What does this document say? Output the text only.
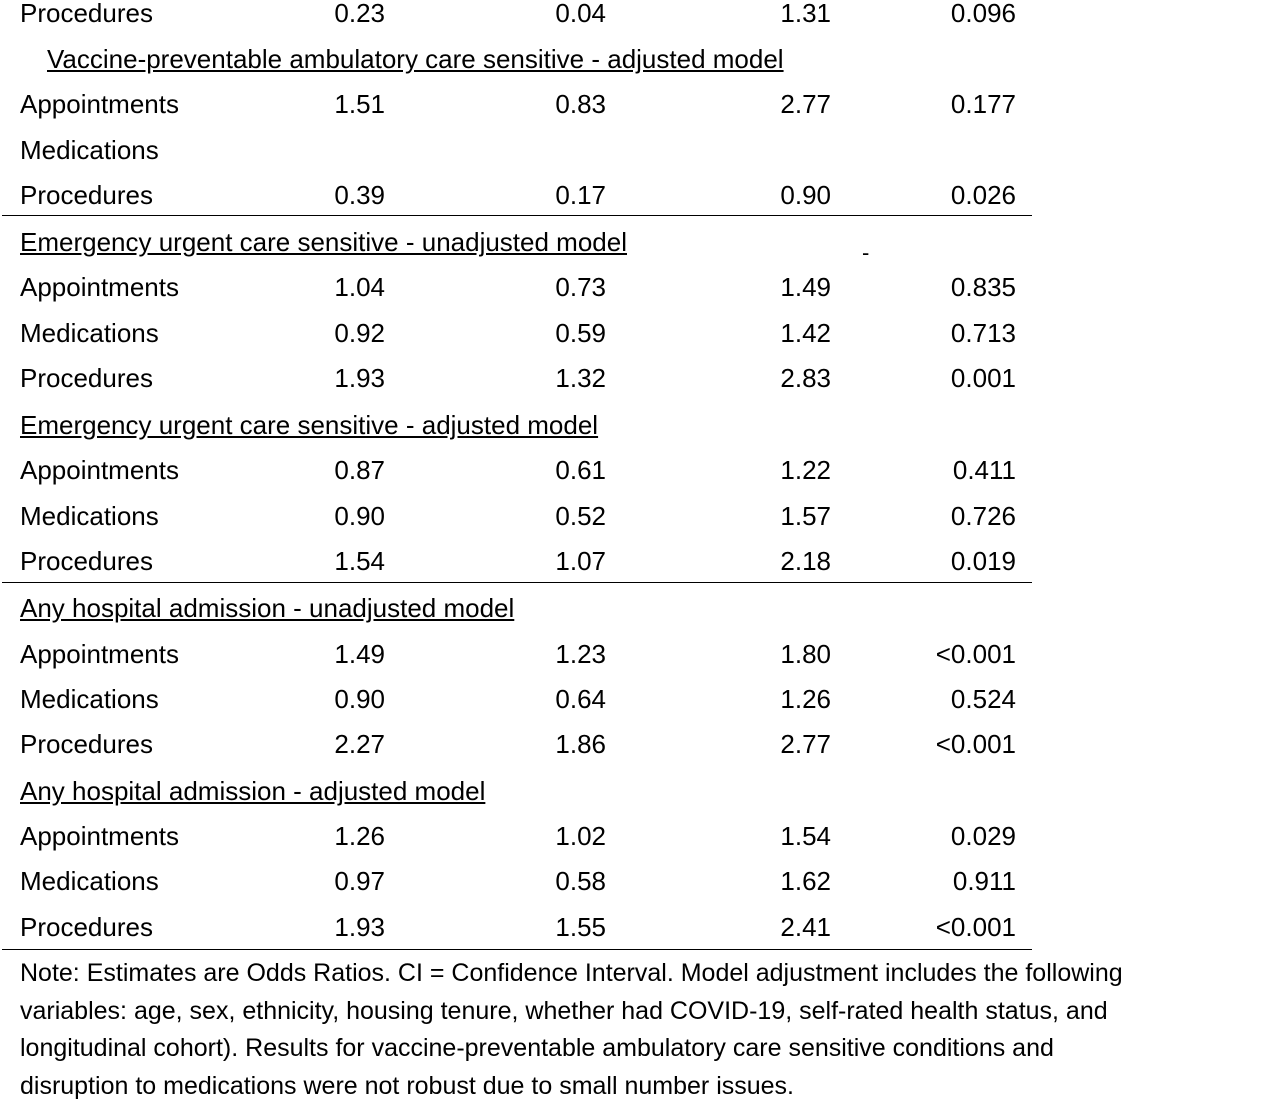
Procedures	0.23	0.04	1.31	0.096
Vaccine-preventable ambulatory care sensitive - adjusted model
Appointments	1.51	0.83	2.77	0.177
Medications
Procedures	0.39	0.17	0.90	0.026
Emergency urgent care sensitive - unadjusted model	-
Appointments	1.04	0.73	1.49	0.835
Medications	0.92	0.59	1.42	0.713
Procedures	1.93	1.32	2.83	0.001
Emergency urgent care sensitive - adjusted model
Appointments	0.87	0.61	1.22	0.411
Medications	0.90	0.52	1.57	0.726
Procedures	1.54	1.07	2.18	0.019
Any hospital admission - unadjusted model
Appointments	1.49	1.23	1.80	<0.001
Medications	0.90	0.64	1.26	0.524
Procedures	2.27	1.86	2.77	<0.001
Any hospital admission - adjusted model
Appointments	1.26	1.02	1.54	0.029
Medications	0.97	0.58	1.62	0.911
Procedures	1.93	1.55	2.41	<0.001
Note: Estimates are Odds Ratios. CI = Confidence Interval. Model adjustment includes the following
variables: age, sex, ethnicity, housing tenure, whether had COVID-19, self-rated health status, and
longitudinal cohort). Results for vaccine-preventable ambulatory care sensitive conditions and
disruption to medications were not robust due to small number issues.
